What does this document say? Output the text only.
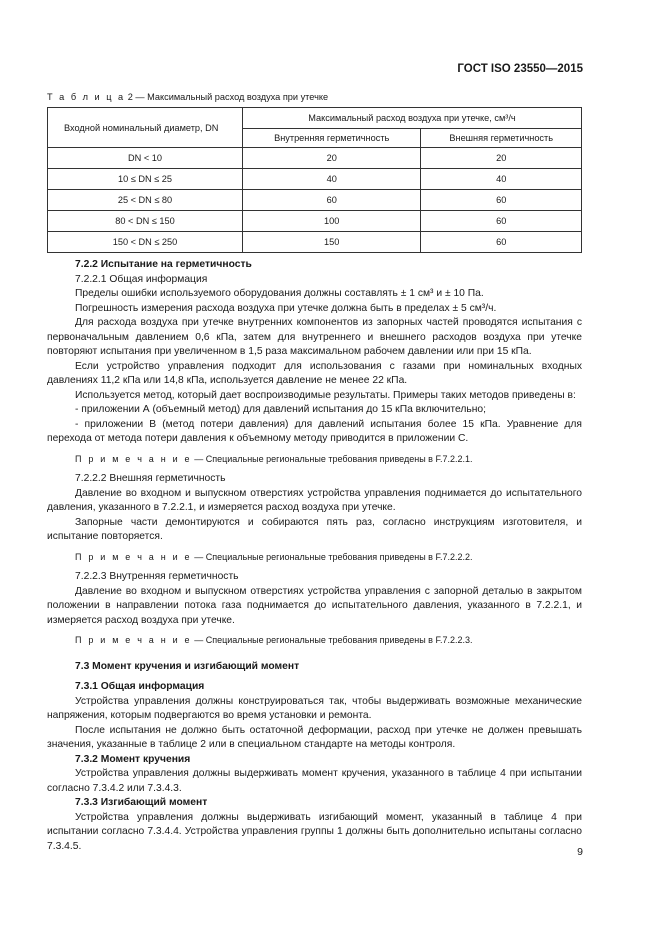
ГОСТ ISO 23550—2015
Т а б л и ц а 2 — Максимальный расход воздуха при утечке
Входной номинальный диаметр, DN	Максимальный расход воздуха при утечке, см³/ч	
	Внутренняя герметичность	Внешняя герметичность
DN < 10	20	20
10 ≤ DN ≤ 25	40	40
25 < DN ≤ 80	60	60
80 < DN ≤ 150	100	60
150 < DN ≤ 250	150	60

7.2.2 Испытание на герметичность

7.2.2.1 Общая информация

Пределы ошибки используемого оборудования должны составлять ± 1 см³ и ± 10 Па.

Погрешность измерения расхода воздуха при утечке должна быть в пределах ± 5 см³/ч.

Для расхода воздуха при утечке внутренних компонентов из запорных частей проводятся испытания с первоначальным давлением 0,6 кПа, затем для внутреннего и внешнего расходов воздуха при утечке повторяют испытания при увеличенном в 1,5 раза максимальном рабочем давлении или при 15 кПа.

Если устройство управления подходит для использования с газами при номинальных входных давлениях 11,2 кПа или 14,8 кПа, используется давление не менее 22 кПа.

Используется метод, который дает воспроизводимые результаты. Примеры таких методов приведены в:

- приложении А (объемный метод) для давлений испытания до 15 кПа включительно;

- приложении В (метод потери давления) для давлений испытания более 15 кПа. Уравнение для перехода от метода потери давления к объемному методу приводится в приложении С.

П р и м е ч а н и е — Специальные региональные требования приведены в F.7.2.2.1.

7.2.2.2 Внешняя герметичность

Давление во входном и выпускном отверстиях устройства управления поднимается до испытательного давления, указанного в 7.2.2.1, и измеряется расход воздуха при утечке.

Запорные части демонтируются и собираются пять раз, согласно инструкциям изготовителя, и испытание повторяется.

П р и м е ч а н и е — Специальные региональные требования приведены в F.7.2.2.2.

7.2.2.3 Внутренняя герметичность

Давление во входном и выпускном отверстиях устройства управления с запорной деталью в закрытом положении в направлении потока газа поднимается до испытательного давления, указанного в 7.2.2.1, и измеряется расход воздуха при утечке.

П р и м е ч а н и е — Специальные региональные требования приведены в F.7.2.2.3.

7.3 Момент кручения и изгибающий момент

7.3.1 Общая информация

Устройства управления должны конструироваться так, чтобы выдерживать возможные механические напряжения, которым подвергаются во время установки и ремонта.

После испытания не должно быть остаточной деформации, расход при утечке не должен превышать значения, указанные в таблице 2 или в специальном стандарте на методы контроля.

7.3.2 Момент кручения

Устройства управления должны выдерживать момент кручения, указанного в таблице 4 при испытании согласно 7.3.4.2 или 7.3.4.3.

7.3.3 Изгибающий момент

Устройства управления должны выдерживать изгибающий момент, указанный в таблице 4 при испытании согласно 7.3.4.4. Устройства управления группы 1 должны быть дополнительно испытаны согласно 7.3.4.5.	9
